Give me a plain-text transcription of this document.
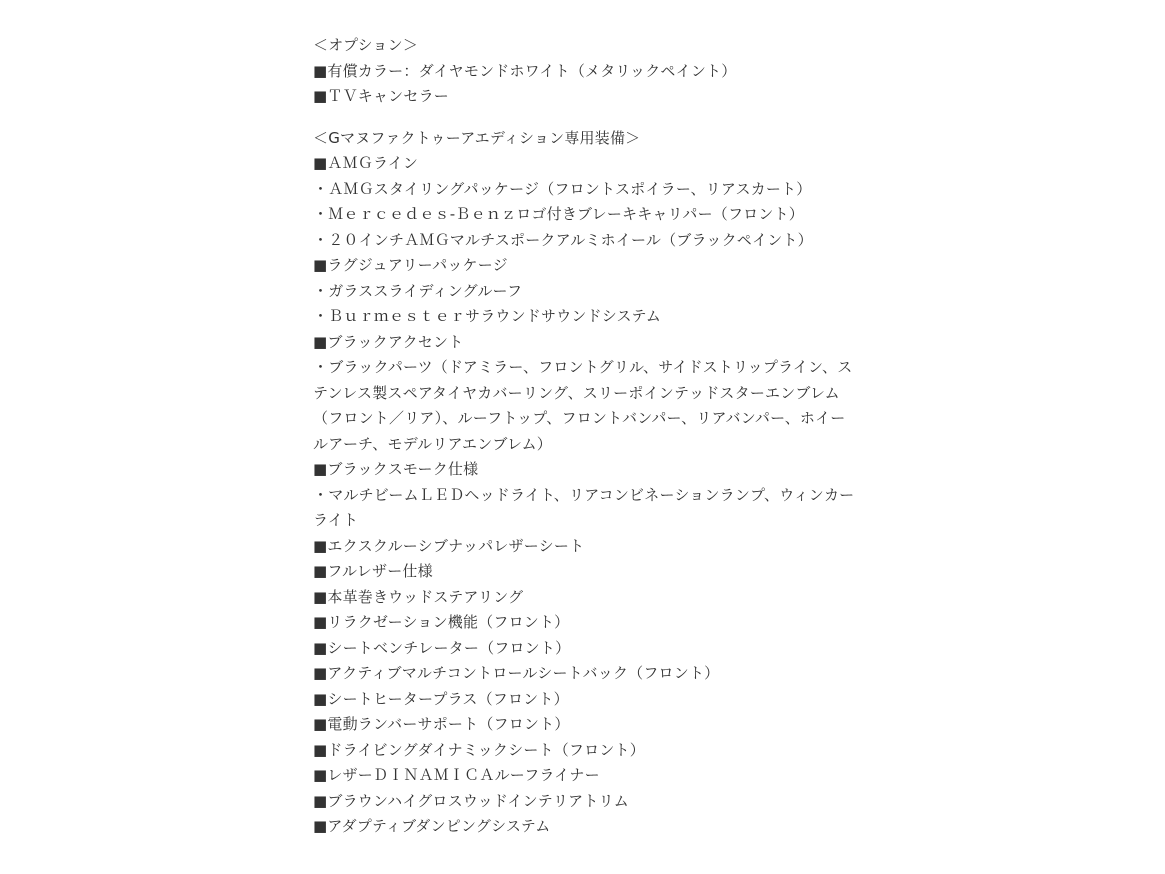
＜オプション＞
■有償カラー：ダイヤモンドホワイト（メタリックペイント）
■ＴＶキャンセラー
＜Gマヌファクトゥーアエディション専用装備＞
■ＡＭＧライン
・ＡＭＧスタイリングパッケージ（フロントスポイラー、リアスカート）
・Ｍｅｒｃｅｄｅｓ-Ｂｅｎｚロゴ付きブレーキキャリパー（フロント）
・２０インチＡＭＧマルチスポークアルミホイール（ブラックペイント）
■ラグジュアリーパッケージ
・ガラススライディングルーフ
・Ｂｕｒｍｅｓｔｅｒサラウンドサウンドシステム
■ブラックアクセント
・ブラックパーツ（ドアミラー、フロントグリル、サイドストリップライン、ステンレス製スペアタイヤカバーリング、スリーポインテッドスターエンブレム（フロント／リア）、ルーフトップ、フロントバンパー、リアバンパー、ホイールアーチ、モデルリアエンブレム）
■ブラックスモーク仕様
・マルチビームＬＥＤヘッドライト、リアコンビネーションランプ、ウィンカーライト
■エクスクルーシブナッパレザーシート
■フルレザー仕様
■本革巻きウッドステアリング
■リラクゼーション機能（フロント）
■シートベンチレーター（フロント）
■アクティブマルチコントロールシートバック（フロント）
■シートヒータープラス（フロント）
■電動ランバーサポート（フロント）
■ドライビングダイナミックシート（フロント）
■レザーＤＩＮＡＭＩＣＡルーフライナー
■ブラウンハイグロスウッドインテリアトリム
■アダプティブダンピングシステム
